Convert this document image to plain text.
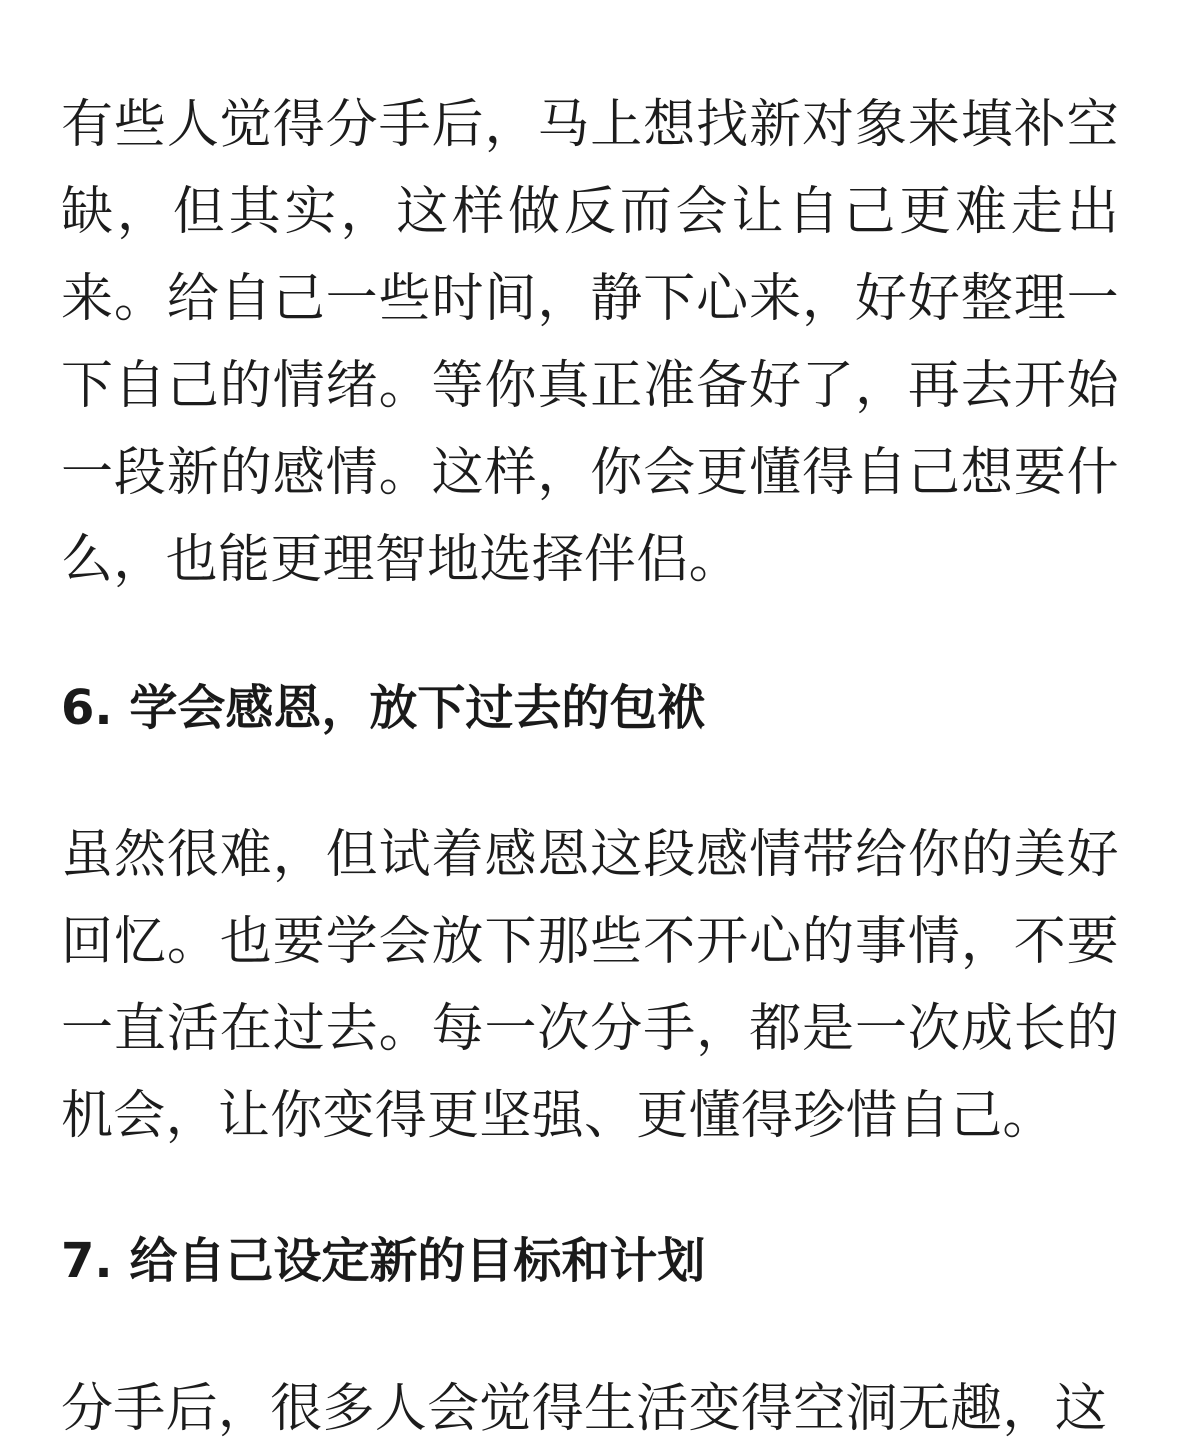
有些人觉得分手后，马上想找新对象来填补空缺，但其实，这样做反而会让自己更难走出来。给自己一些时间，静下心来，好好整理一下自己的情绪。等你真正准备好了，再去开始一段新的感情。这样，你会更懂得自己想要什么，也能更理智地选择伴侣。

6. 学会感恩，放下过去的包袱

虽然很难，但试着感恩这段感情带给你的美好回忆。也要学会放下那些不开心的事情，不要一直活在过去。每一次分手，都是一次成长的机会，让你变得更坚强、更懂得珍惜自己。

7. 给自己设定新的目标和计划

分手后，很多人会觉得生活变得空洞无趣，这
